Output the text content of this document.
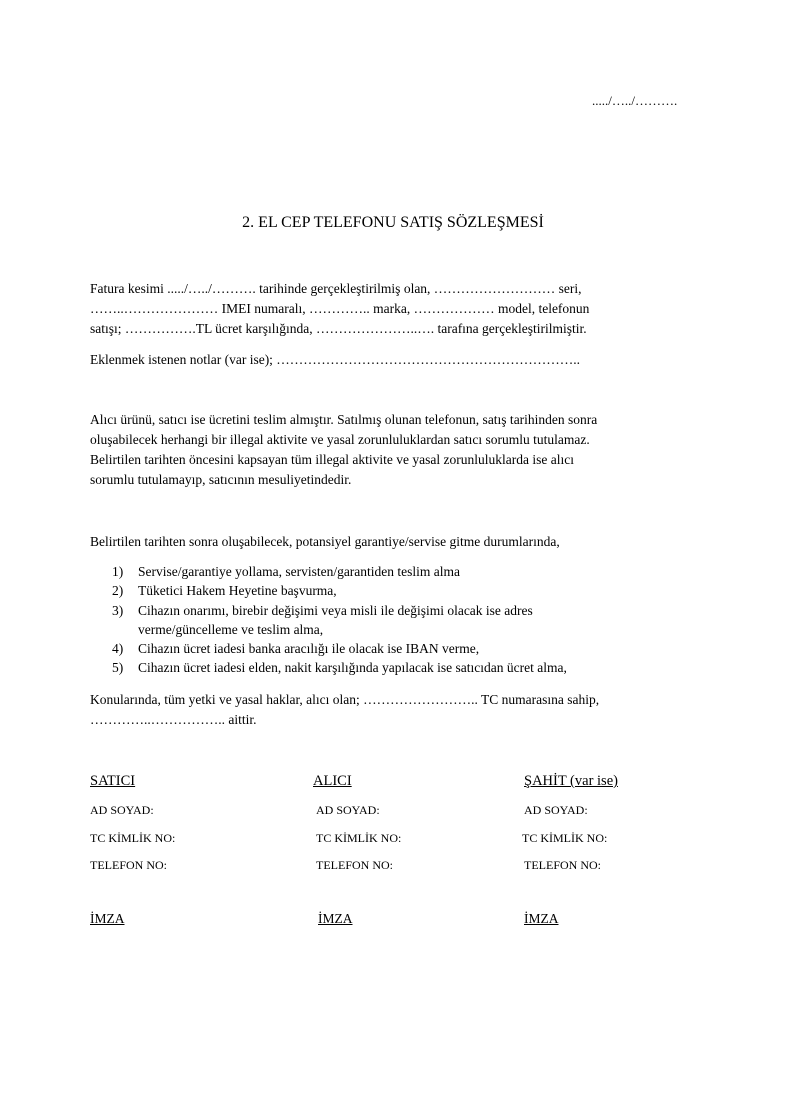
...../…../……….
2. EL CEP TELEFONU SATIŞ SÖZLEŞMESİ
Fatura kesimi ...../…../………. tarihinde gerçekleştirilmiş olan, ……………………… seri,
……..………………… IMEI numaralı, ………….. marka, ……………… model, telefonun
satışı; …………….TL ücret karşılığında, …………………..…. tarafına gerçekleştirilmiştir.
Eklenmek istenen notlar (var ise); …………………………………………………………..
Alıcı ürünü, satıcı ise ücretini teslim almıştır. Satılmış olunan telefonun, satış tarihinden sonra
oluşabilecek herhangi bir illegal aktivite ve yasal zorunluluklardan satıcı sorumlu tutulamaz.
Belirtilen tarihten öncesini kapsayan tüm illegal aktivite ve yasal zorunluluklarda ise alıcı
sorumlu tutulamayıp, satıcının mesuliyetindedir.
Belirtilen tarihten sonra oluşabilecek, potansiyel garantiye/servise gitme durumlarında,
1)	Servise/garantiye yollama, servisten/garantiden teslim alma
2)	Tüketici Hakem Heyetine başvurma,
3)	Cihazın onarımı, birebir değişimi veya misli ile değişimi olacak ise adres
verme/güncelleme ve teslim alma,
4)	Cihazın ücret iadesi banka aracılığı ile olacak ise IBAN verme,
5)	Cihazın ücret iadesi elden, nakit karşılığında yapılacak ise satıcıdan ücret alma,
Konularında, tüm yetki ve yasal haklar, alıcı olan; …………………….. TC numarasına sahip,
…………..…………….. aittir.
SATICI	ALICI	ŞAHİT (var ise)
AD SOYAD:	AD SOYAD:	AD SOYAD:
TC KİMLİK NO:	TC KİMLİK NO:	TC KİMLİK NO:
TELEFON NO:	TELEFON NO:	TELEFON NO:
İMZA	İMZA	İMZA
